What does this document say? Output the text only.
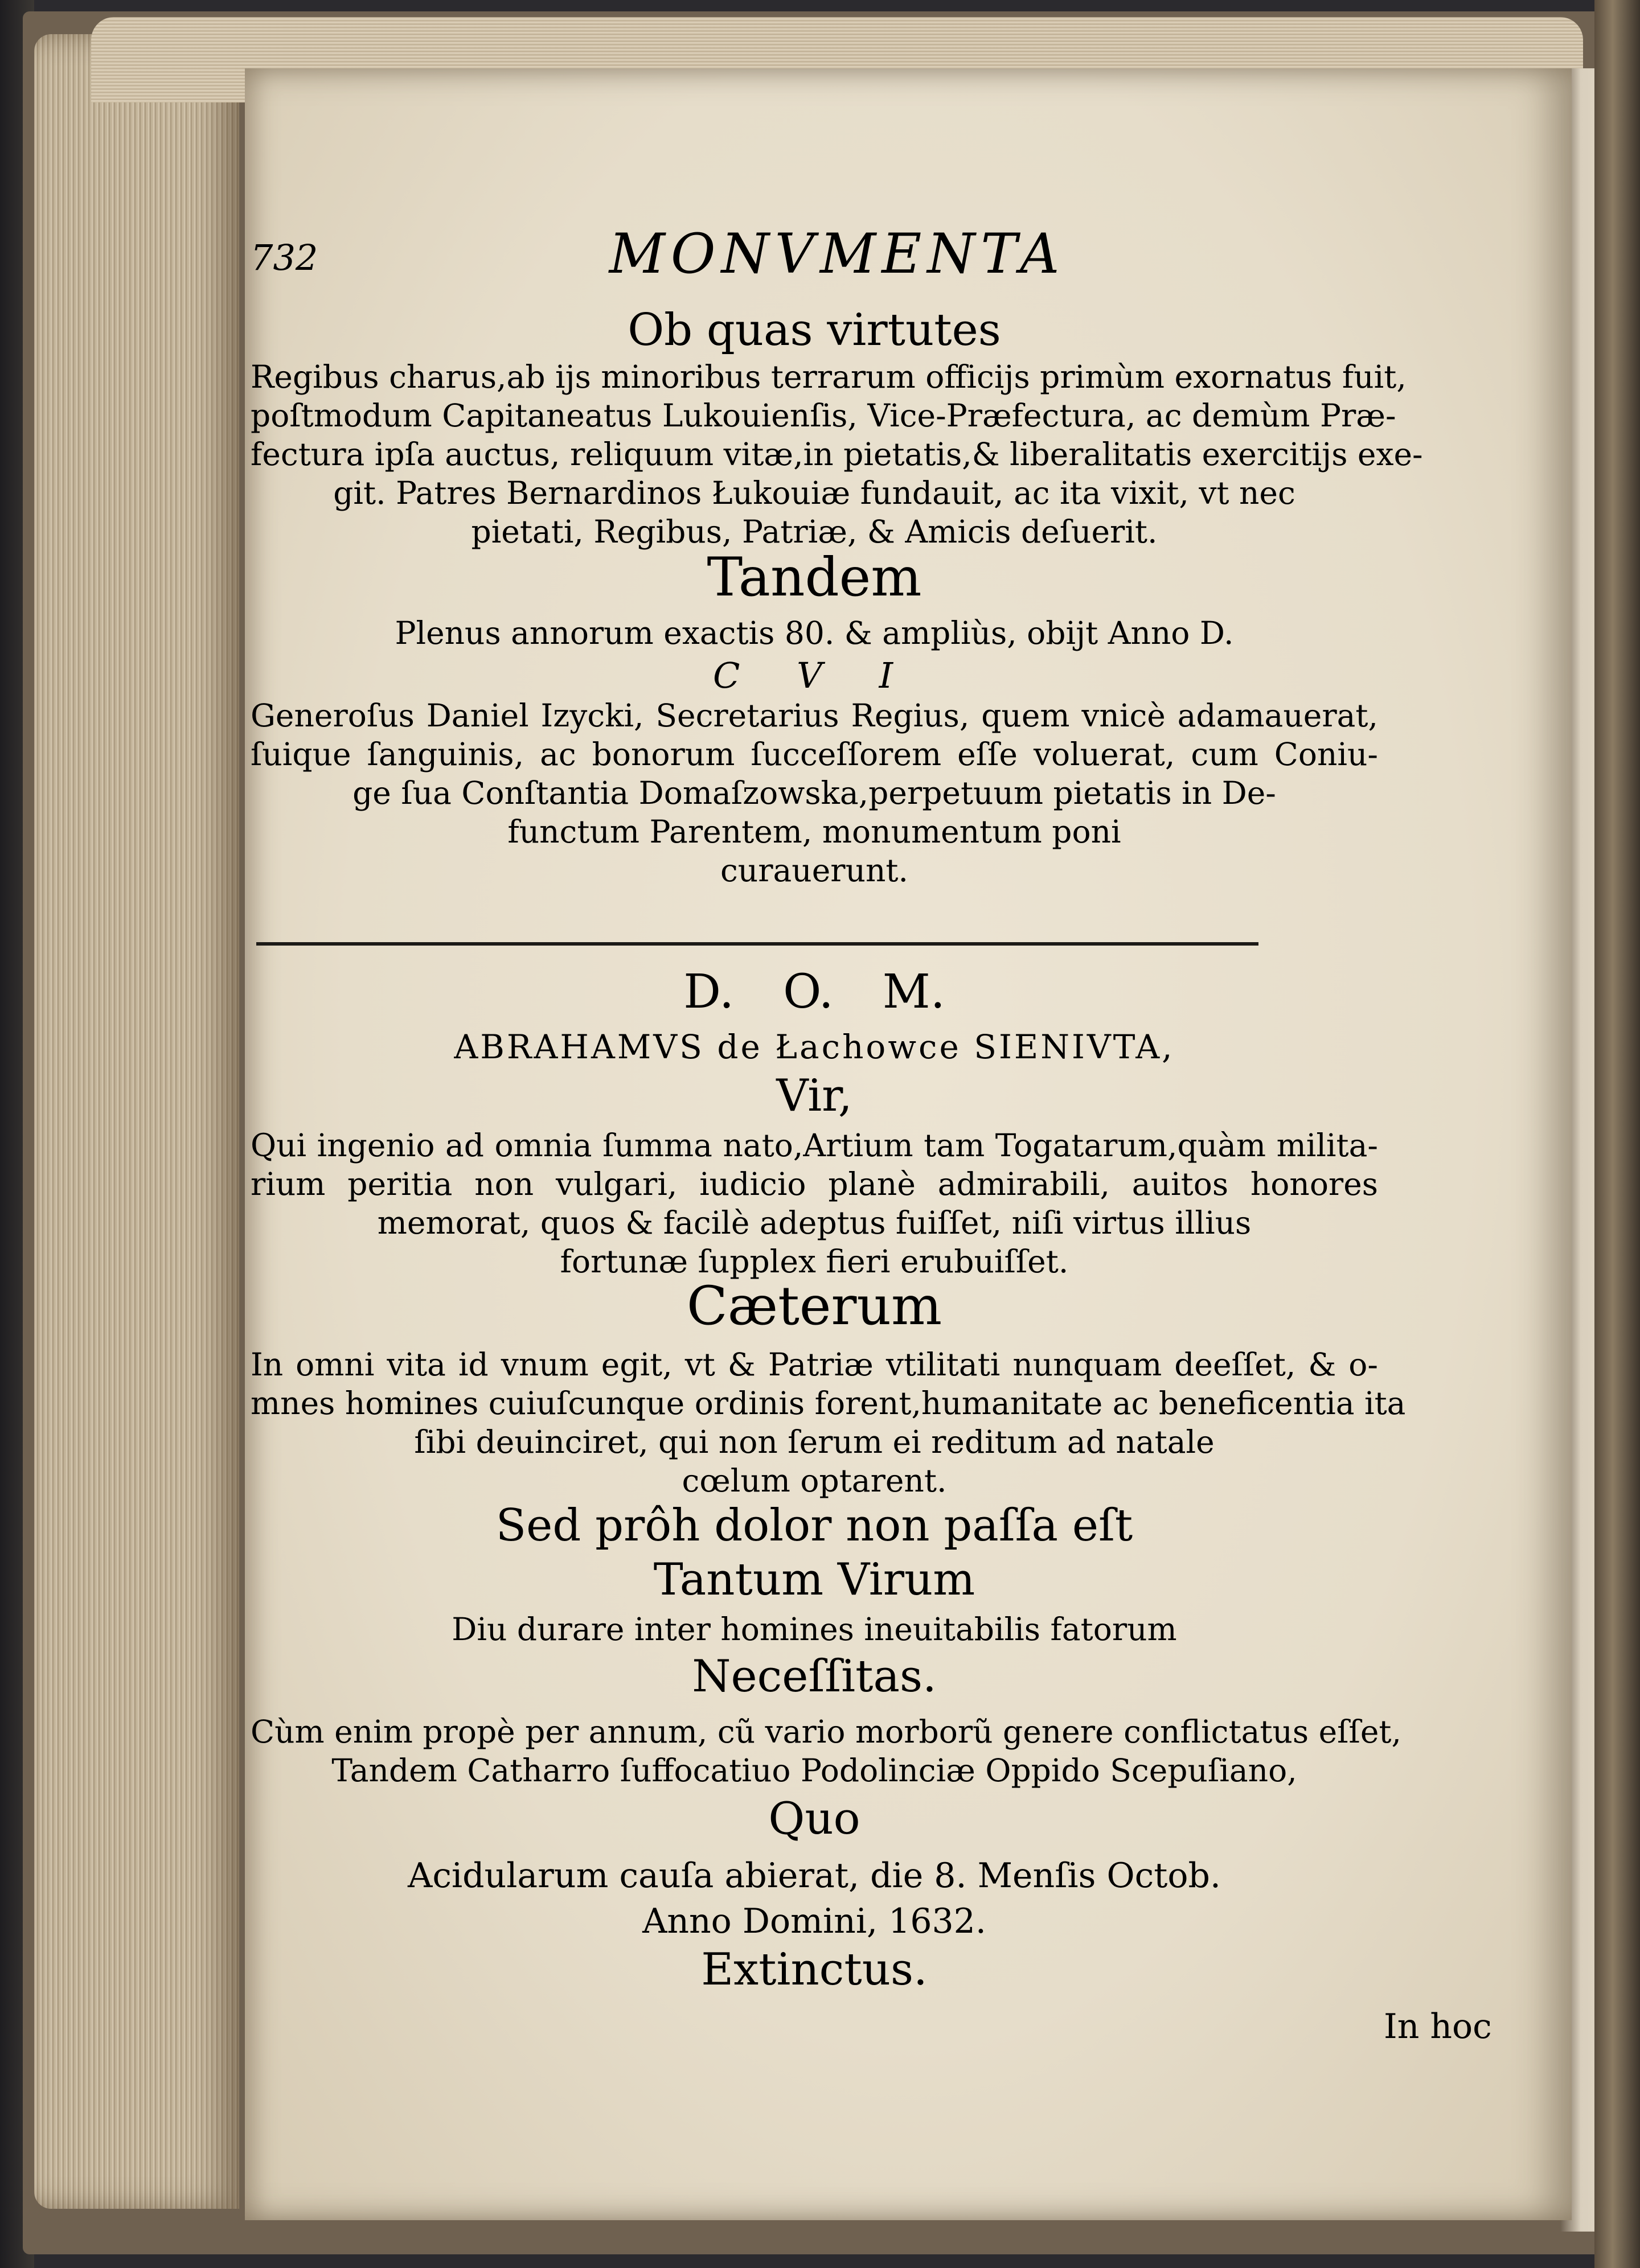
732	MONVMENTA
Ob quas virtutes
Regibus charus,ab ijs minoribus terrarum officijs primùm exornatus fuit,
poſtmodum Capitaneatus Lukouienſis, Vice-Præfectura, ac demùm Præ-
fectura ipſa auctus, reliquum vitæ,in pietatis,& liberalitatis exercitijs exe-
git. Patres Bernardinos Łukouiæ fundauit, ac ita vixit, vt nec
pietati, Regibus, Patriæ, & Amicis deſuerit.
Tandem
Plenus annorum exactis 80. & ampliùs, obijt Anno D.
C V I
Generoſus Daniel Izycki, Secretarius Regius, quem vnicè adamauerat,
ſuique ſanguinis, ac bonorum ſucceſſorem eſſe voluerat, cum Coniu-
ge ſua Conſtantia Domaſzowska,perpetuum pietatis in De-
functum Parentem, monumentum poni
curauerunt.
D. O. M.
ABRAHAMVS de Łachowce SIENIVTA,
Vir,
Qui ingenio ad omnia ſumma nato,Artium tam Togatarum,quàm milita-
rium peritia non vulgari, iudicio planè admirabili, auitos honores
memorat, quos & facilè adeptus fuiſſet, niſi virtus illius
fortunæ ſupplex fieri erubuiſſet.
Cæterum
In omni vita id vnum egit, vt & Patriæ vtilitati nunquam deeſſet, & o-
mnes homines cuiuſcunque ordinis forent,humanitate ac beneficentia ita
ſibi deuinciret, qui non ſerum ei reditum ad natale
cœlum optarent.
Sed prôh dolor non paſſa eſt
Tantum Virum
Diu durare inter homines ineuitabilis fatorum
Neceſſitas.
Cùm enim propè per annum, cũ vario morborũ genere conflictatus eſſet,
Tandem Catharro ſuffocatiuo Podolinciæ Oppido Scepuſiano,
Quo
Acidularum cauſa abierat, die 8. Menſis Octob.
Anno Domini, 1632.
Extinctus.
In hoc
